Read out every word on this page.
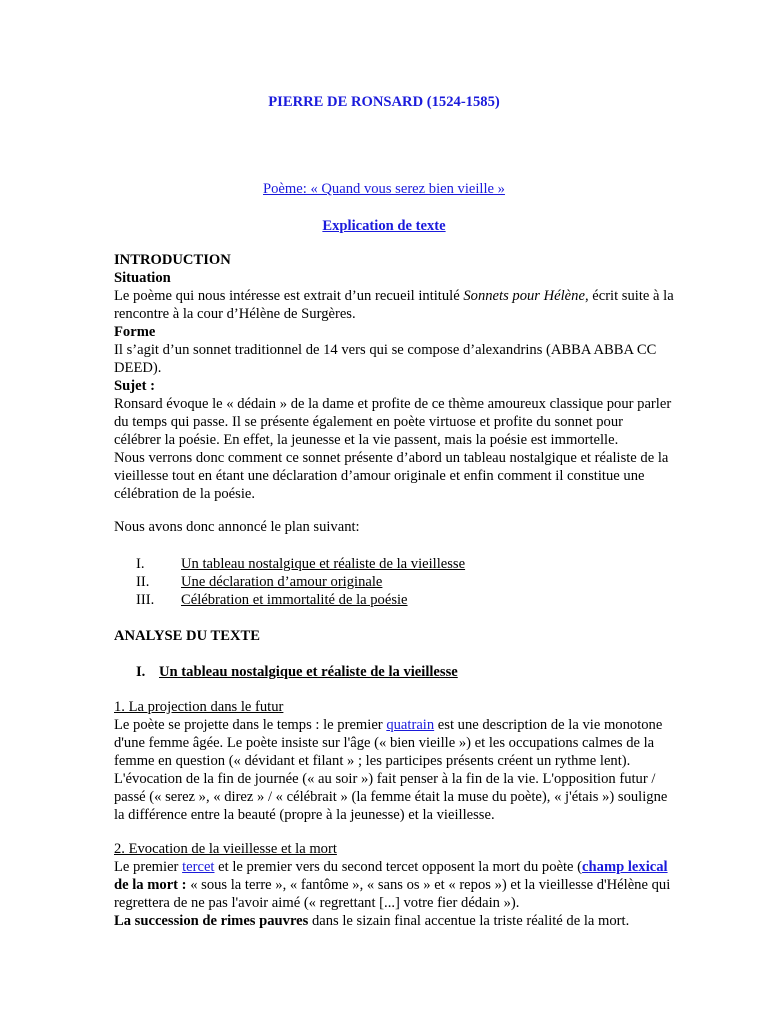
PIERRE DE RONSARD (1524-1585)
Poème: « Quand vous serez bien vieille »
Explication de texte

INTRODUCTION

Situation

Le poème qui nous intéresse est extrait d’un recueil intitulé Sonnets pour Hélène, écrit suite à la

rencontre à la cour d’Hélène de Surgères.

Forme

Il s’agit d’un sonnet traditionnel de 14 vers qui se compose d’alexandrins (ABBA ABBA CC

DEED).

Sujet :

Ronsard évoque le « dédain » de la dame et profite de ce thème amoureux classique pour parler

du temps qui passe. Il se présente également en poète virtuose et profite du sonnet pour

célébrer la poésie. En effet, la jeunesse et la vie passent, mais la poésie est immortelle.

Nous verrons donc comment ce sonnet présente d’abord un tableau nostalgique et réaliste de la

vieillesse tout en étant une déclaration d’amour originale et enfin comment il constitue une

célébration de la poésie.

Nous avons donc annoncé le plan suivant:
I. Un tableau nostalgique et réaliste de la vieillesse
II. Une déclaration d’amour originale
III. Célébration et immortalité de la poésie
ANALYSE DU TEXTE
I. Un tableau nostalgique et réaliste de la vieillesse

1. La projection dans le futur

Le poète se projette dans le temps : le premier quatrain est une description de la vie monotone

d'une femme âgée. Le poète insiste sur l'âge (« bien vieille ») et les occupations calmes de la

femme en question (« dévidant et filant » ; les participes présents créent un rythme lent).

L'évocation de la fin de journée (« au soir ») fait penser à la fin de la vie. L'opposition futur /

passé (« serez », « direz » / « célébrait » (la femme était la muse du poète), « j'étais ») souligne

la différence entre la beauté (propre à la jeunesse) et la vieillesse.

2. Evocation de la vieillesse et la mort

Le premier tercet et le premier vers du second tercet opposent la mort du poète (champ lexical

de la mort : « sous la terre », « fantôme », « sans os » et « repos ») et la vieillesse d'Hélène qui

regrettera de ne pas l'avoir aimé (« regrettant [...] votre fier dédain »).

La succession de rimes pauvres dans le sizain final accentue la triste réalité de la mort.
